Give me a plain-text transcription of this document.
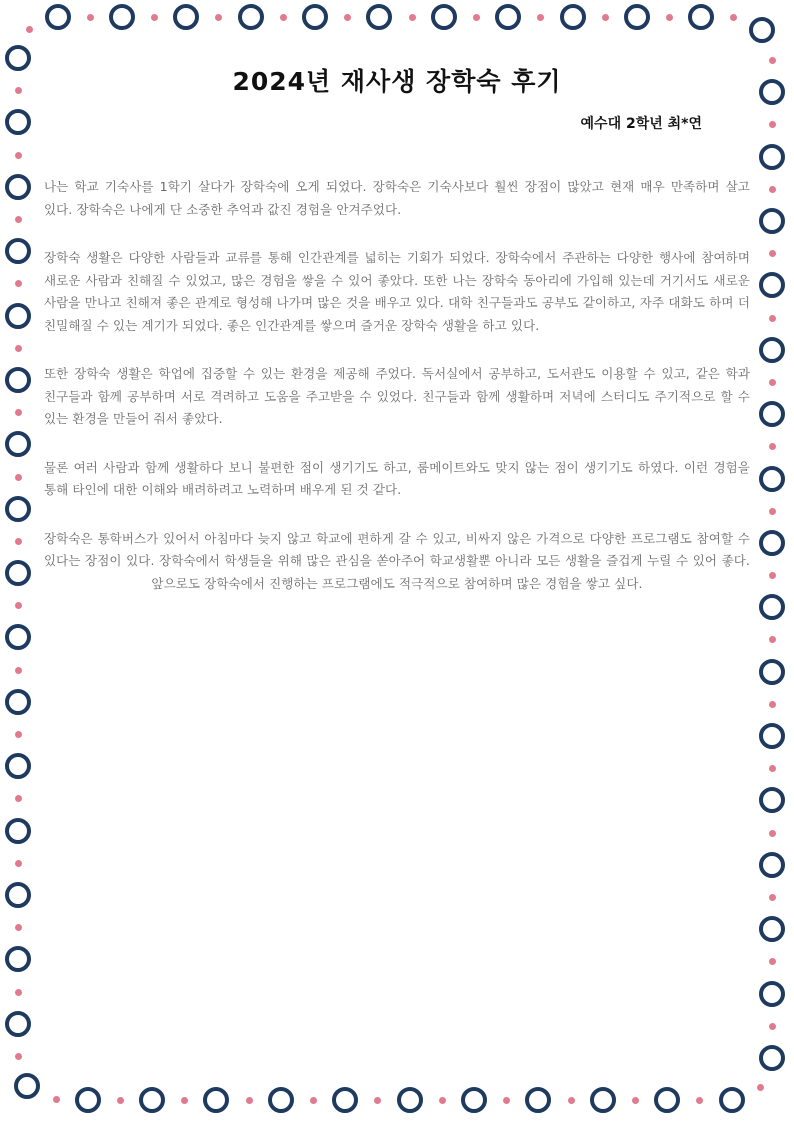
2024년 재사생 장학숙 후기

예수대 2학년 최*연

나는 학교 기숙사를 1학기 살다가 장학숙에 오게 되었다. 장학숙은 기숙사보다 훨씬 장점이 많았고 현재 매우 만족하며 살고 있다. 장학숙은 나에게 단 소중한 추억과 값진 경험을 안겨주었다.

장학숙 생활은 다양한 사람들과 교류를 통해 인간관계를 넓히는 기회가 되었다. 장학숙에서 주관하는 다양한 행사에 참여하며 새로운 사람과 친해질 수 있었고, 많은 경험을 쌓을 수 있어 좋았다. 또한 나는 장학숙 동아리에 가입해 있는데 거기서도 새로운 사람을 만나고 친해져 좋은 관계로 형성해 나가며 많은 것을 배우고 있다. 대학 친구들과도 공부도 같이하고, 자주 대화도 하며 더 친밀해질 수 있는 계기가 되었다. 좋은 인간관계를 쌓으며 즐거운 장학숙 생활을 하고 있다.

또한 장학숙 생활은 학업에 집중할 수 있는 환경을 제공해 주었다. 독서실에서 공부하고, 도서관도 이용할 수 있고, 같은 학과 친구들과 함께 공부하며 서로 격려하고 도움을 주고받을 수 있었다. 친구들과 함께 생활하며 저녁에 스터디도 주기적으로 할 수 있는 환경을 만들어 줘서 좋았다.

물론 여러 사람과 함께 생활하다 보니 불편한 점이 생기기도 하고, 룸메이트와도 맞지 않는 점이 생기기도 하였다. 이런 경험을 통해 타인에 대한 이해와 배려하려고 노력하며 배우게 된 것 같다.

장학숙은 통학버스가 있어서 아침마다 늦지 않고 학교에 편하게 갈 수 있고, 비싸지 않은 가격으로 다양한 프로그램도 참여할 수 있다는 장점이 있다. 장학숙에서 학생들을 위해 많은 관심을 쏟아주어 학교생활뿐 아니라 모든 생활을 즐겁게 누릴 수 있어 좋다. 앞으로도 장학숙에서 진행하는 프로그램에도 적극적으로 참여하며 많은 경험을 쌓고 싶다.
